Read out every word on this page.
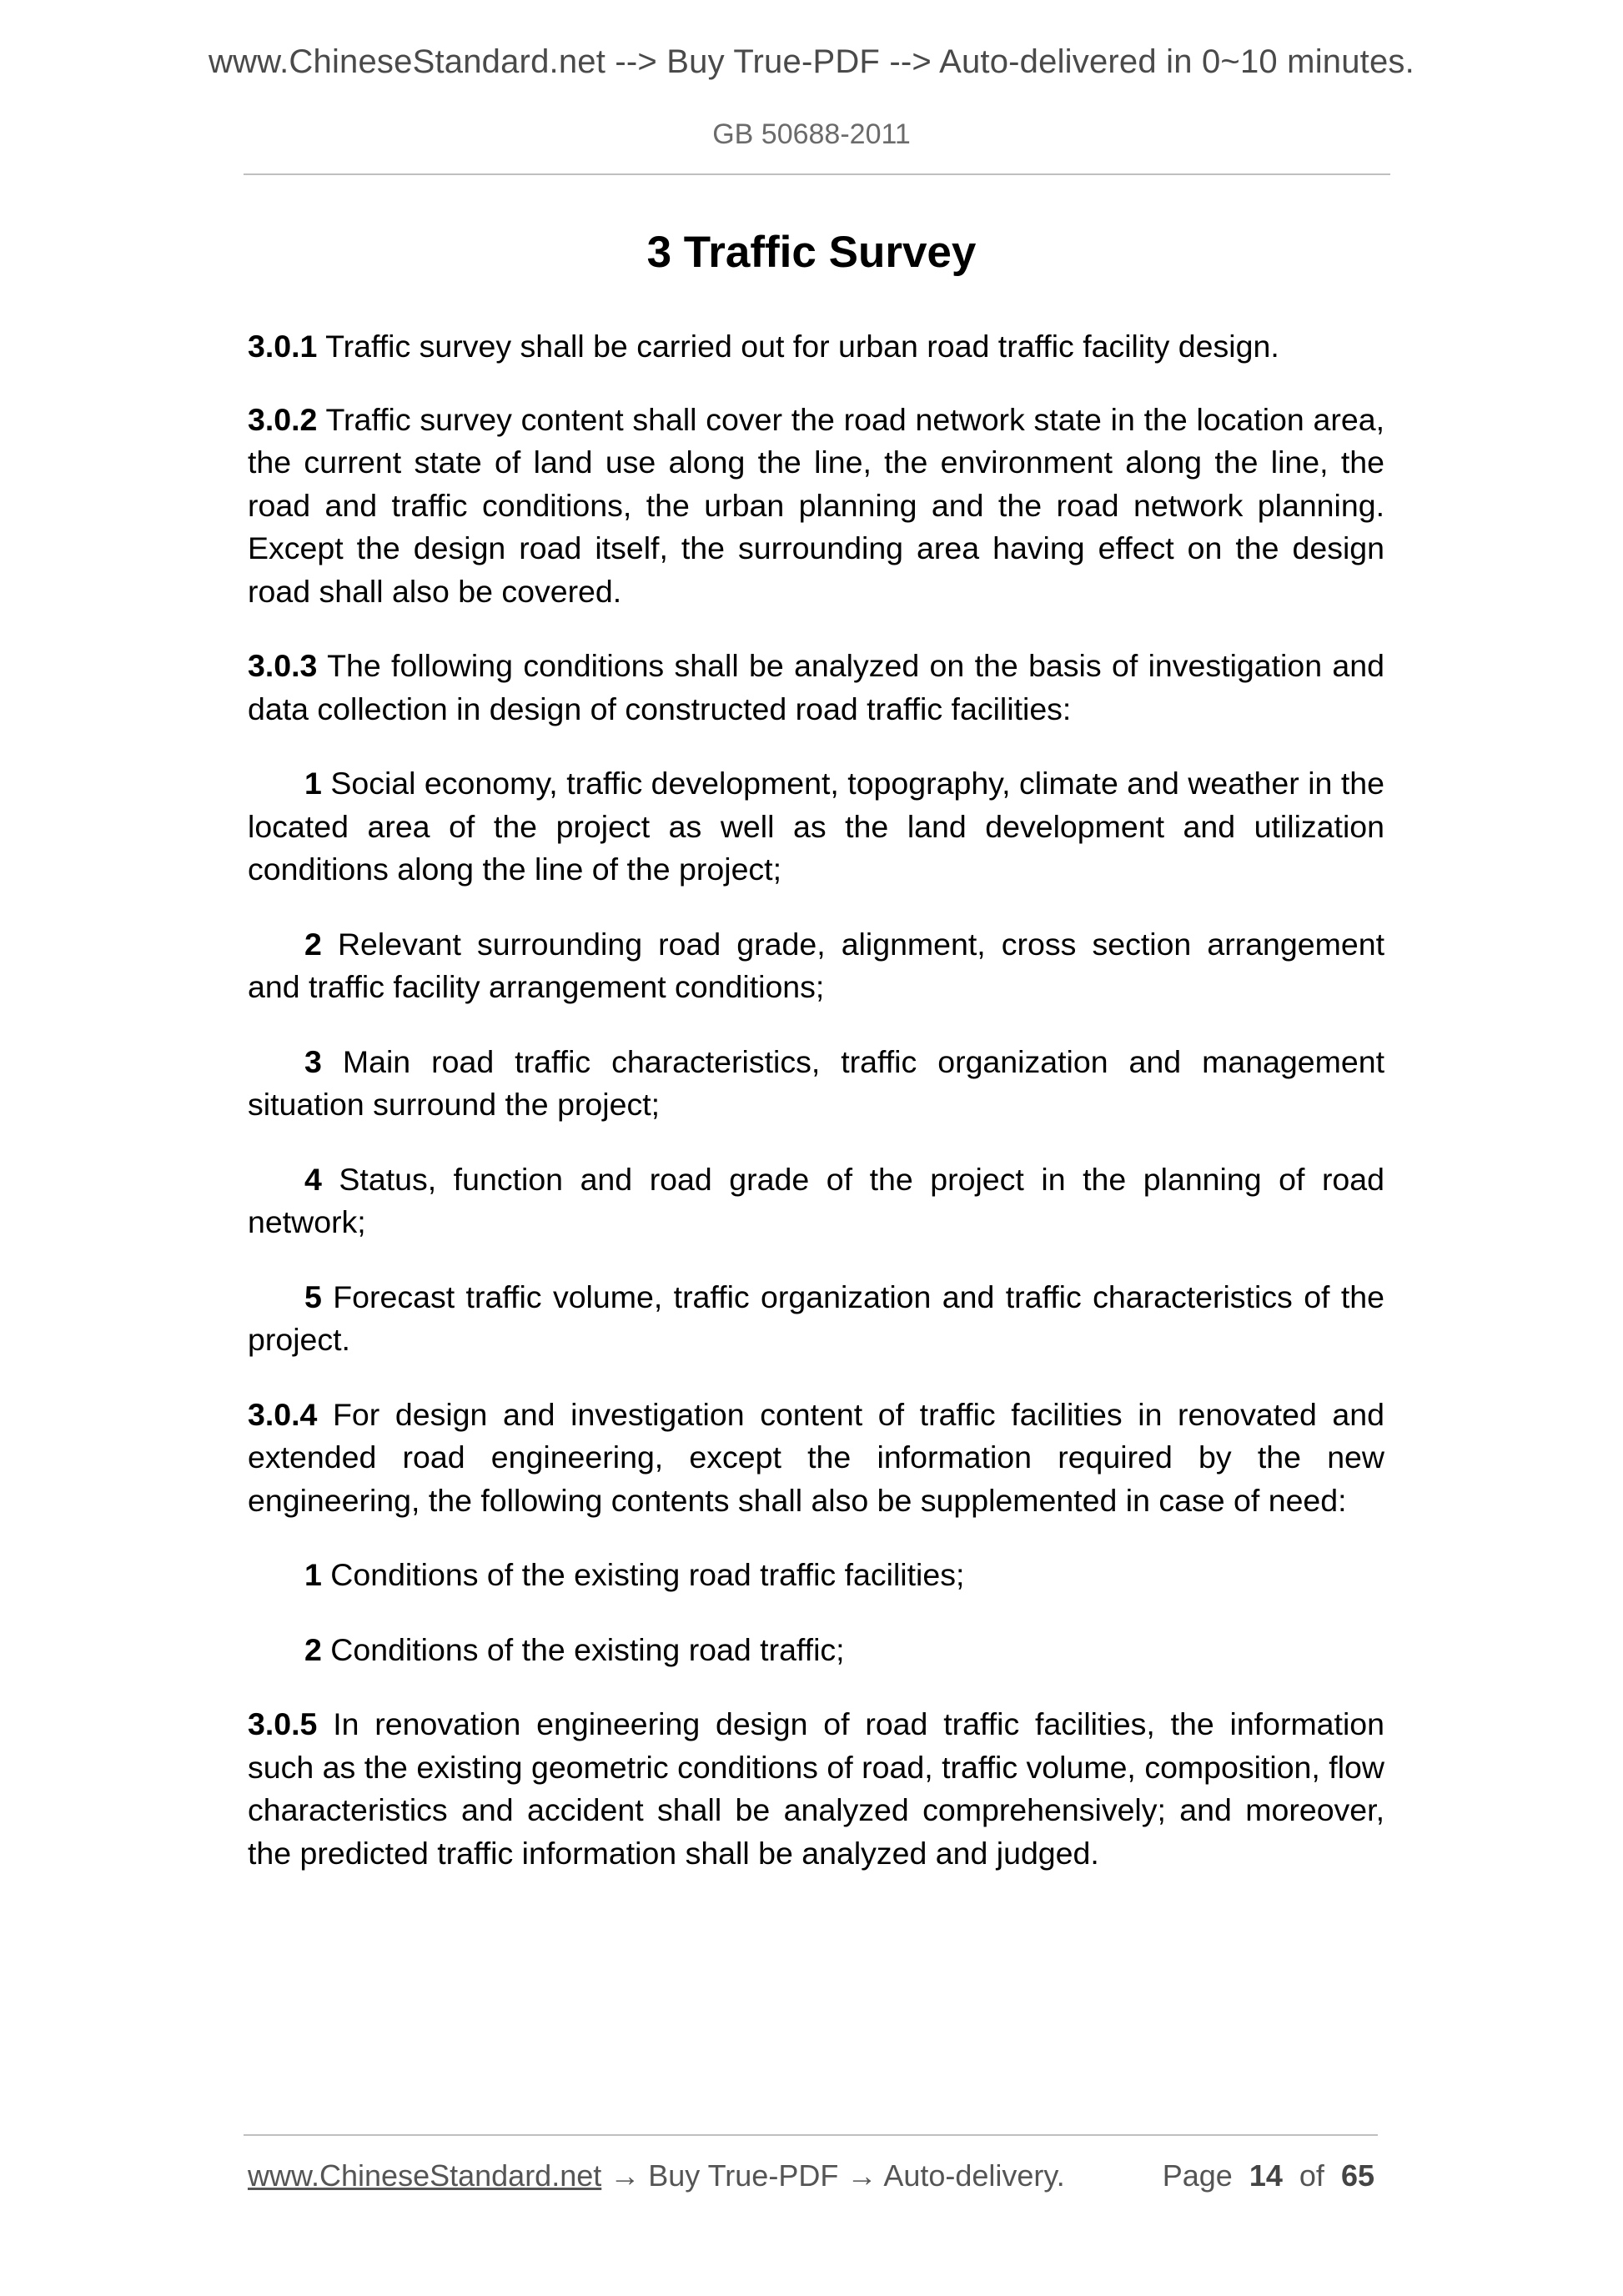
www.ChineseStandard.net --> Buy True-PDF --> Auto-delivered in 0~10 minutes.
GB 50688-2011
3 Traffic Survey

3.0.1 Traffic survey shall be carried out for urban road traffic facility design.

3.0.2 Traffic survey content shall cover the road network state in the location area, the current state of land use along the line, the environment along the line, the road and traffic conditions, the urban planning and the road network planning. Except the design road itself, the surrounding area having effect on the design road shall also be covered.

3.0.3 The following conditions shall be analyzed on the basis of investigation and data collection in design of constructed road traffic facilities:

1 Social economy, traffic development, topography, climate and weather in the located area of the project as well as the land development and utilization conditions along the line of the project;

2 Relevant surrounding road grade, alignment, cross section arrangement and traffic facility arrangement conditions;

3 Main road traffic characteristics, traffic organization and management situation surround the project;

4 Status, function and road grade of the project in the planning of road network;

5 Forecast traffic volume, traffic organization and traffic characteristics of the project.

3.0.4 For design and investigation content of traffic facilities in renovated and extended road engineering, except the information required by the new engineering, the following contents shall also be supplemented in case of need:

1 Conditions of the existing road traffic facilities;

2 Conditions of the existing road traffic;

3.0.5 In renovation engineering design of road traffic facilities, the information such as the existing geometric conditions of road, traffic volume, composition, flow characteristics and accident shall be analyzed comprehensively; and moreover, the predicted traffic information shall be analyzed and judged.

www.ChineseStandard.net → Buy True-PDF → Auto-delivery.	Page 14 of 65
